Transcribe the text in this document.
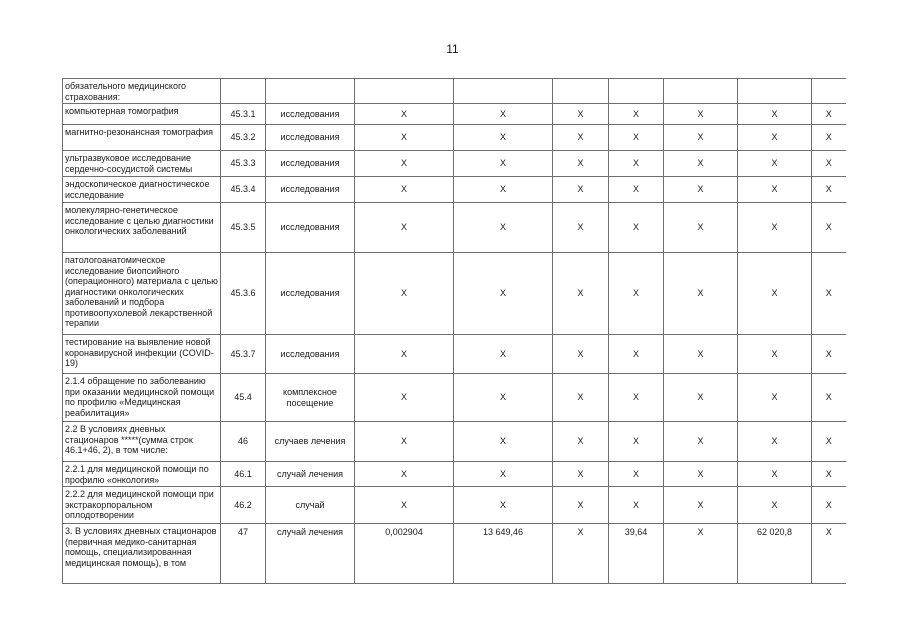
11
обязательного медицинского страхования:									
компьютерная томография	45.3.1	исследования	X	X	X	X	X	X	X
магнитно-резонансная томография	45.3.2	исследования	X	X	X	X	X	X	X
ультразвуковое исследование сердечно-сосудистой системы	45.3.3	исследования	X	X	X	X	X	X	X
эндоскопическое диагностическое исследование	45.3.4	исследования	X	X	X	X	X	X	X
молекулярно-генетическое исследование с целью диагностики онкологических заболеваний	45.3.5	исследования	X	X	X	X	X	X	X
патологоанатомическое исследование биопсийного (операционного) материала с целью диагностики онкологических заболеваний и подбора противоопухолевой лекарственной терапии	45.3.6	исследования	X	X	X	X	X	X	X
тестирование на выявление новой коронавирусной инфекции (COVID-19)	45.3.7	исследования	X	X	X	X	X	X	X
2.1.4 обращение по заболеванию при оказании медицинской помощи по профилю «Медицинская реабилитация»	45.4	комплексное посещение	X	X	X	X	X	X	X
2.2 В условиях дневных стационаров *****(сумма строк 46.1+46, 2), в том числе:	46	случаев лечения	X	X	X	X	X	X	X
2.2.1 для медицинской помощи по профилю «онкология»	46.1	случай лечения	X	X	X	X	X	X	X
2.2.2 для медицинской помощи при экстракорпоральном оплодотворении	46.2	случай	X	X	X	X	X	X	X
3. В условиях дневных стационаров (первичная медико-санитарная помощь, специализированная медицинская помощь), в том	47	случай лечения	0,002904	13 649,46	X	39,64	X	62 020,8	X
